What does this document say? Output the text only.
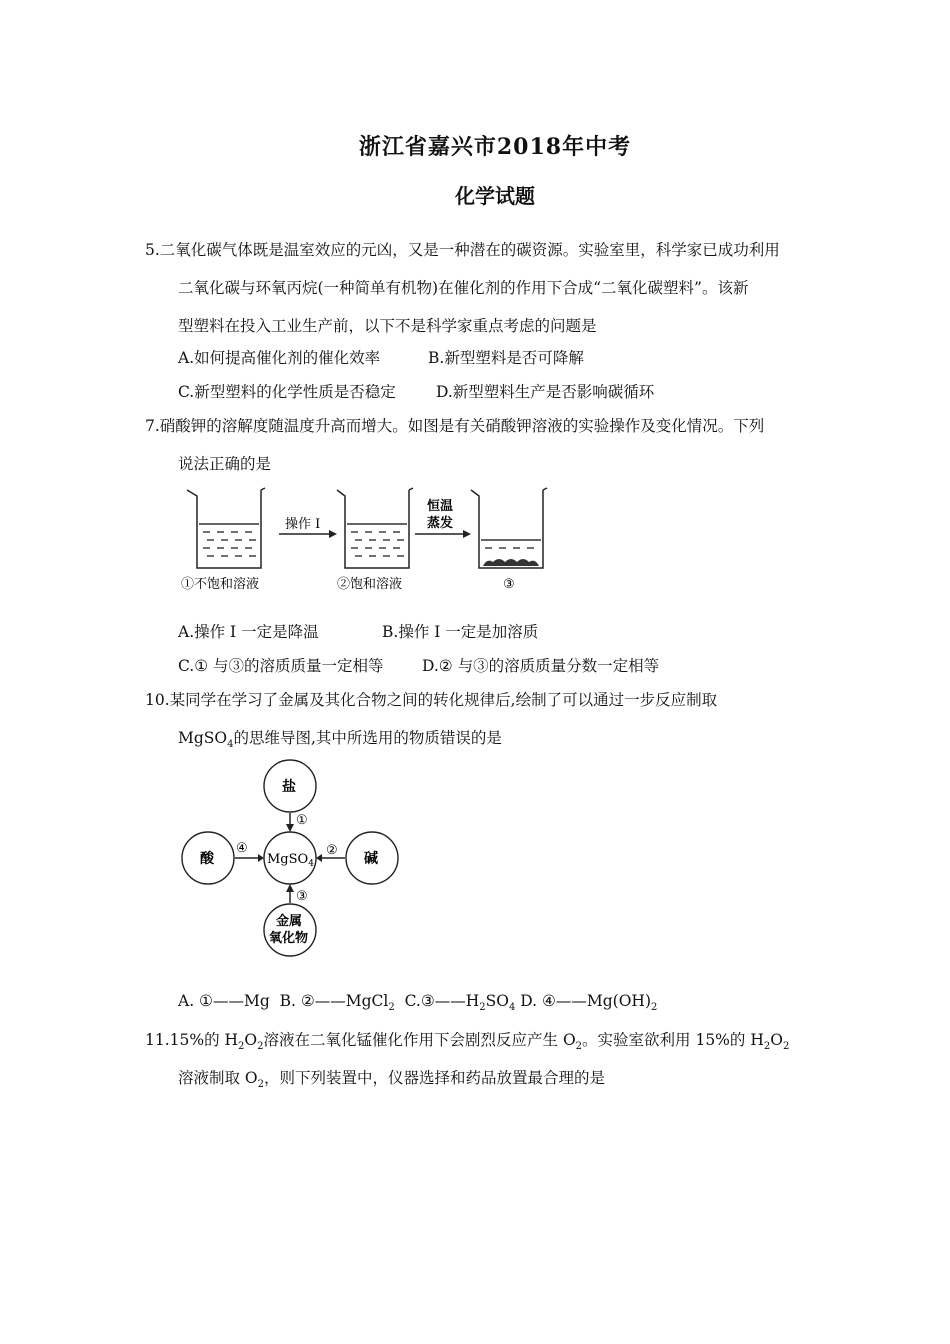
浙江省嘉兴市2018年中考
化学试题
5.二氧化碳气体既是温室效应的元凶，又是一种潜在的碳资源。实验室里，科学家已成功利用
二氧化碳与环氧丙烷(一种简单有机物)在催化剂的作用下合成“二氧化碳塑料”。该新
型塑料在投入工业生产前，以下不是科学家重点考虑的问题是
A.如何提高催化剂的催化效率	B.新型塑料是否可降解
C.新型塑料的化学性质是否稳定	D.新型塑料生产是否影响碳循环
7.硝酸钾的溶解度随温度升高而增大。如图是有关硝酸钾溶液的实验操作及变化情况。下列
说法正确的是
操作 I
恒温
蒸发
①不饱和溶液	②饱和溶液	③
A.操作 I 一定是降温	B.操作 I 一定是加溶质
C.① 与③的溶质质量一定相等 D.② 与③的溶质质量分数一定相等
10.某同学在学习了金属及其化合物之间的转化规律后,绘制了可以通过一步反应制取
MgSO$_4$的思维导图,其中所选用的物质错误的是
盐
酸	碱
金属
氧化物
MgSO$_4$
①
②
③
④
A. ①——Mg B. ②——MgCl$_2$ $C.③——H_2SO_4$ D. $④——Mg(OH)_2$
11.15%的 $H_2O_2$溶液在二氧化锰催化作用下会剧烈反应产生 $O_2$。实验室欲利用 15%的 $H_2O_2$
溶液制取 $O_2$，则下列装置中，仪器选择和药品放置最合理的是
